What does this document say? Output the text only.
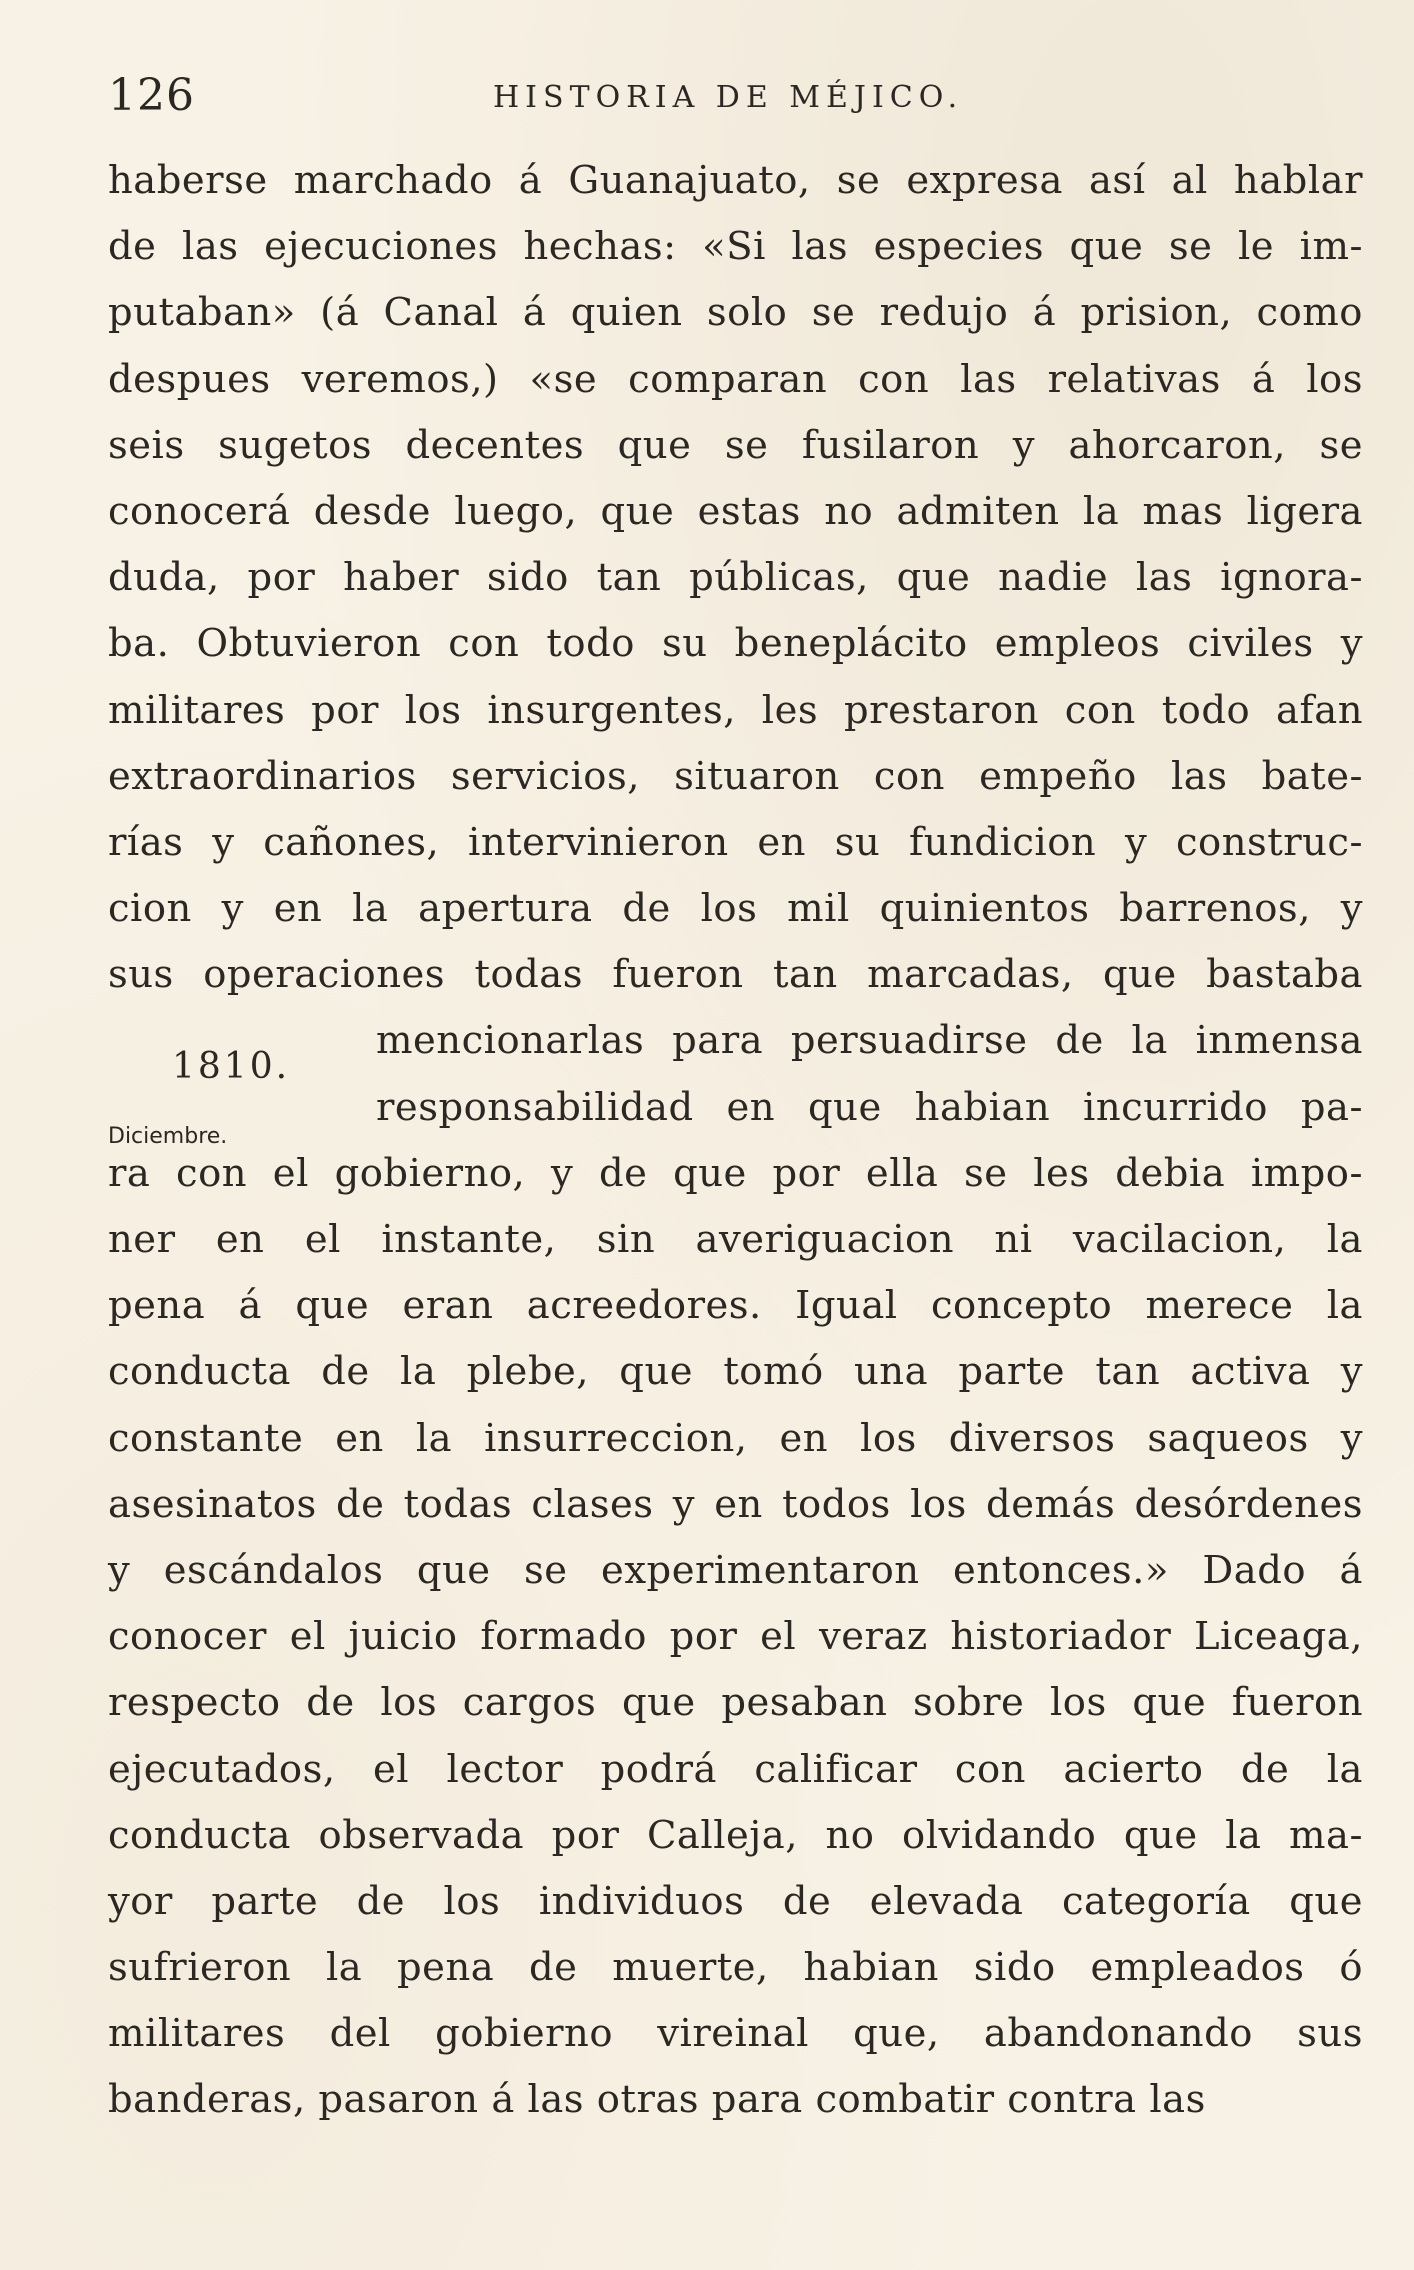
126	HISTORIA DE MÉJICO.
1810.
Diciembre.
haberse marchado á Guanajuato, se expresa así al hablar
de las ejecuciones hechas: «Si las especies que se le im-
putaban» (á Canal á quien solo se redujo á prision, como
despues veremos,) «se comparan con las relativas á los
seis sugetos decentes que se fusilaron y ahorcaron, se
conocerá desde luego, que estas no admiten la mas ligera
duda, por haber sido tan públicas, que nadie las ignora-
ba. Obtuvieron con todo su beneplácito empleos civiles y
militares por los insurgentes, les prestaron con todo afan
extraordinarios servicios, situaron con empeño las bate-
rías y cañones, intervinieron en su fundicion y construc-
cion y en la apertura de los mil quinientos barrenos, y
sus operaciones todas fueron tan marcadas, que bastaba
mencionarlas para persuadirse de la inmensa
responsabilidad en que habian incurrido pa-
ra con el gobierno, y de que por ella se les debia impo-
ner en el instante, sin averiguacion ni vacilacion, la
pena á que eran acreedores. Igual concepto merece la
conducta de la plebe, que tomó una parte tan activa y
constante en la insurreccion, en los diversos saqueos y
asesinatos de todas clases y en todos los demás desórdenes
y escándalos que se experimentaron entonces.» Dado á
conocer el juicio formado por el veraz historiador Liceaga,
respecto de los cargos que pesaban sobre los que fueron
ejecutados, el lector podrá calificar con acierto de la
conducta observada por Calleja, no olvidando que la ma-
yor parte de los individuos de elevada categoría que
sufrieron la pena de muerte, habian sido empleados ó
militares del gobierno vireinal que, abandonando sus
banderas, pasaron á las otras para combatir contra las
